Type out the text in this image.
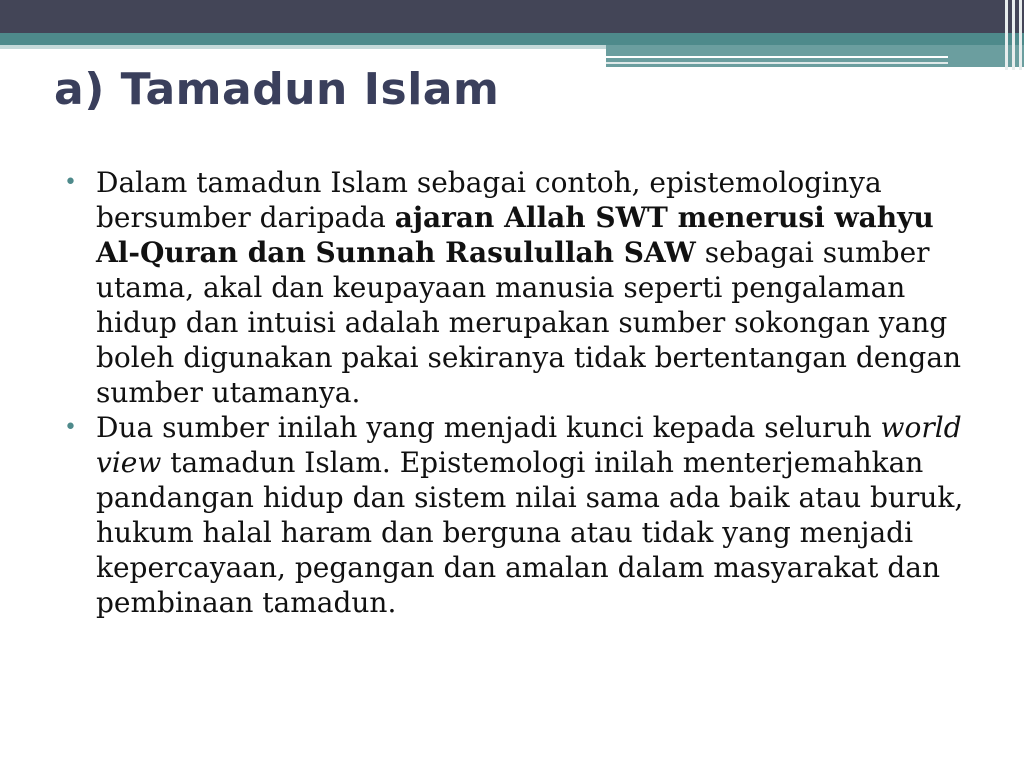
a) Tamadun Islam

• Dalam tamadun Islam sebagai contoh, epistemologinya bersumber daripada ajaran Allah SWT menerusi wahyu Al-Quran dan Sunnah Rasulullah SAW sebagai sumber utama, akal dan keupayaan manusia seperti pengalaman hidup dan intuisi adalah merupakan sumber sokongan yang boleh digunakan pakai sekiranya tidak bertentangan dengan sumber utamanya.

• Dua sumber inilah yang menjadi kunci kepada seluruh world view tamadun Islam. Epistemologi inilah menterjemahkan pandangan hidup dan sistem nilai sama ada baik atau buruk, hukum halal haram dan berguna atau tidak yang menjadi kepercayaan, pegangan dan amalan dalam masyarakat dan pembinaan tamadun.
